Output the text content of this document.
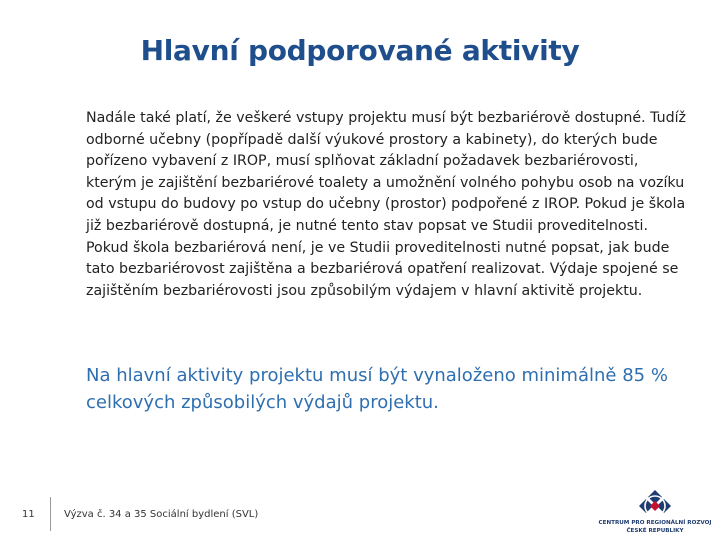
Hlavní podporované aktivity
Nadále také platí, že veškeré vstupy projektu musí být bezbariérově dostupné. Tudíž odborné učebny (popřípadě další výukové prostory a kabinety), do kterých bude pořízeno vybavení z IROP, musí splňovat základní požadavek bezbariérovosti, kterým je zajištění bezbariérové toalety a umožnění volného pohybu osob na vozíku od vstupu do budovy po vstup do učebny (prostor) podpořené z IROP. Pokud je škola již bezbariérově dostupná, je nutné tento stav popsat ve Studii proveditelnosti. Pokud škola bezbariérová není, je ve Studii proveditelnosti nutné popsat, jak bude tato bezbariérovost zajištěna a bezbariérová opatření realizovat. Výdaje spojené se zajištěním bezbariérovosti jsou způsobilým výdajem v hlavní aktivitě projektu.
Na hlavní aktivity projektu musí být vynaloženo minimálně 85 % celkových způsobilých výdajů projektu.
11	Výzva č. 34 a 35 Sociální bydlení (SVL)
CENTRUM PRO REGIONÁLNÍ ROZVOJ
ČESKÉ REPUBLIKY
